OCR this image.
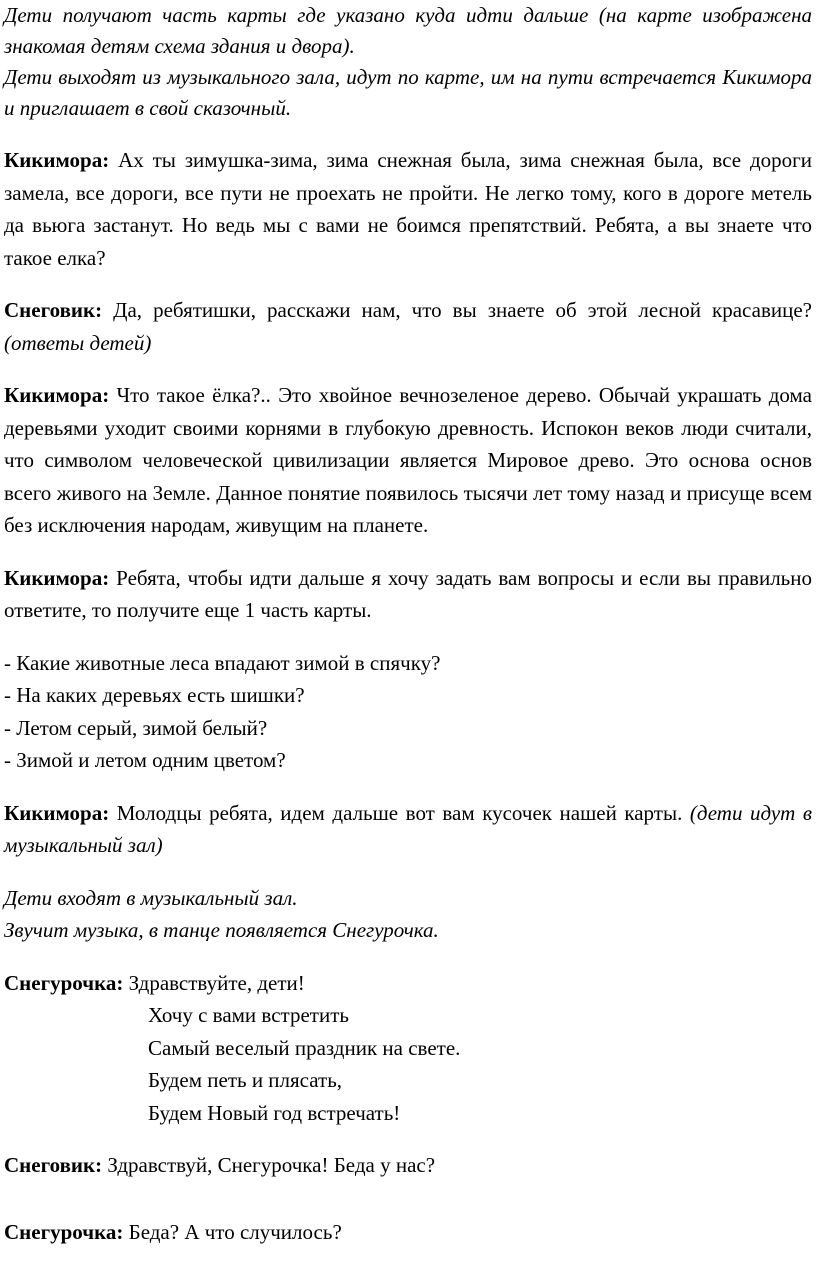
Дети получают часть карты где указано куда идти дальше (на карте изображена знакомая детям схема здания и двора).

Дети выходят из музыкального зала, идут по карте, им на пути встречается Кикимора и приглашает в свой сказочный.

Кикимора: Ах ты зимушка-зима, зима снежная была, зима снежная была, все дороги замела, все дороги, все пути не проехать не пройти. Не легко тому, кого в дороге метель да вьюга застанут. Но ведь мы с вами не боимся препятствий. Ребята, а вы знаете что такое елка?

Снеговик: Да, ребятишки, расскажи нам, что вы знаете об этой лесной красавице? (ответы детей)

Кикимора: Что такое ёлка?.. Это хвойное вечнозеленое дерево. Обычай украшать дома деревьями уходит своими корнями в глубокую древность. Испокон веков люди считали, что символом человеческой цивилизации является Мировое древо. Это основа основ всего живого на Земле. Данное понятие появилось тысячи лет тому назад и присуще всем без исключения народам, живущим на планете.

Кикимора: Ребята, чтобы идти дальше я хочу задать вам вопросы и если вы правильно ответите, то получите еще 1 часть карты.

- Какие животные леса впадают зимой в спячку?

- На каких деревьях есть шишки?

- Летом серый, зимой белый?

- Зимой и летом одним цветом?

Кикимора: Молодцы ребята, идем дальше вот вам кусочек нашей карты. (дети идут в музыкальный зал)

Дети входят в музыкальный зал.

Звучит музыка, в танце появляется Снегурочка.

Снегурочка: Здравствуйте, дети!

Хочу с вами встретить

Самый веселый праздник на свете.

Будем петь и плясать,

Будем Новый год встречать!

Снеговик: Здравствуй, Снегурочка! Беда у нас?

Снегурочка: Беда? А что случилось?
